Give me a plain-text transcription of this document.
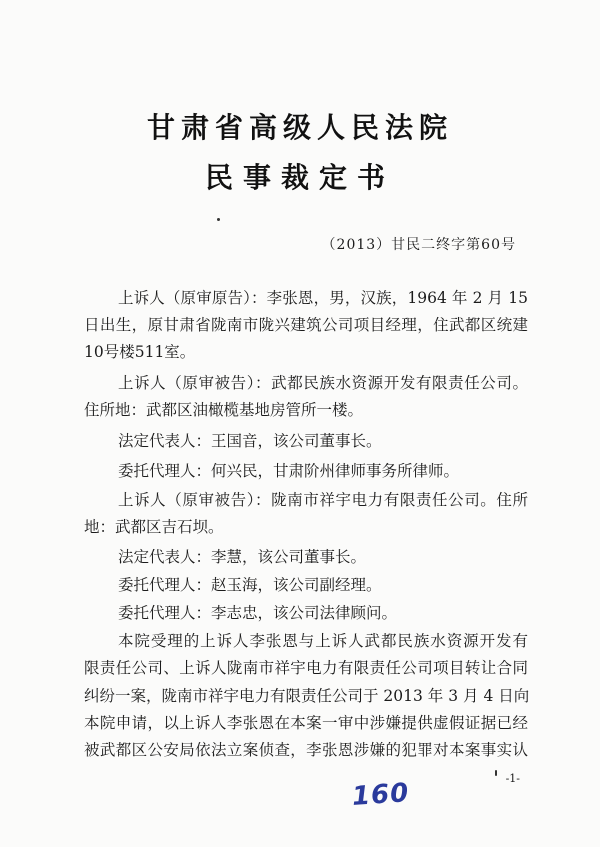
甘肃省高级人民法院
民事裁定书
（2013）甘民二终字第60号
上诉人（原审原告）：李张恩，男，汉族，1964 年 2 月 15
日出生，原甘肃省陇南市陇兴建筑公司项目经理，住武都区统建
10号楼511室。
上诉人（原审被告）：武都民族水资源开发有限责任公司。
住所地：武都区油橄榄基地房管所一楼。
法定代表人：王国音，该公司董事长。
委托代理人：何兴民，甘肃阶州律师事务所律师。
上诉人（原审被告）：陇南市祥宇电力有限责任公司。住所
地：武都区吉石坝。
法定代表人：李慧，该公司董事长。
委托代理人：赵玉海，该公司副经理。
委托代理人：李志忠，该公司法律顾问。
本院受理的上诉人李张恩与上诉人武都民族水资源开发有
限责任公司、上诉人陇南市祥宇电力有限责任公司项目转让合同
纠纷一案，陇南市祥宇电力有限责任公司于 2013 年 3 月 4 日向
本院申请，以上诉人李张恩在本案一审中涉嫌提供虚假证据已经
被武都区公安局依法立案侦查，李张恩涉嫌的犯罪对本案事实认
-1-
160
